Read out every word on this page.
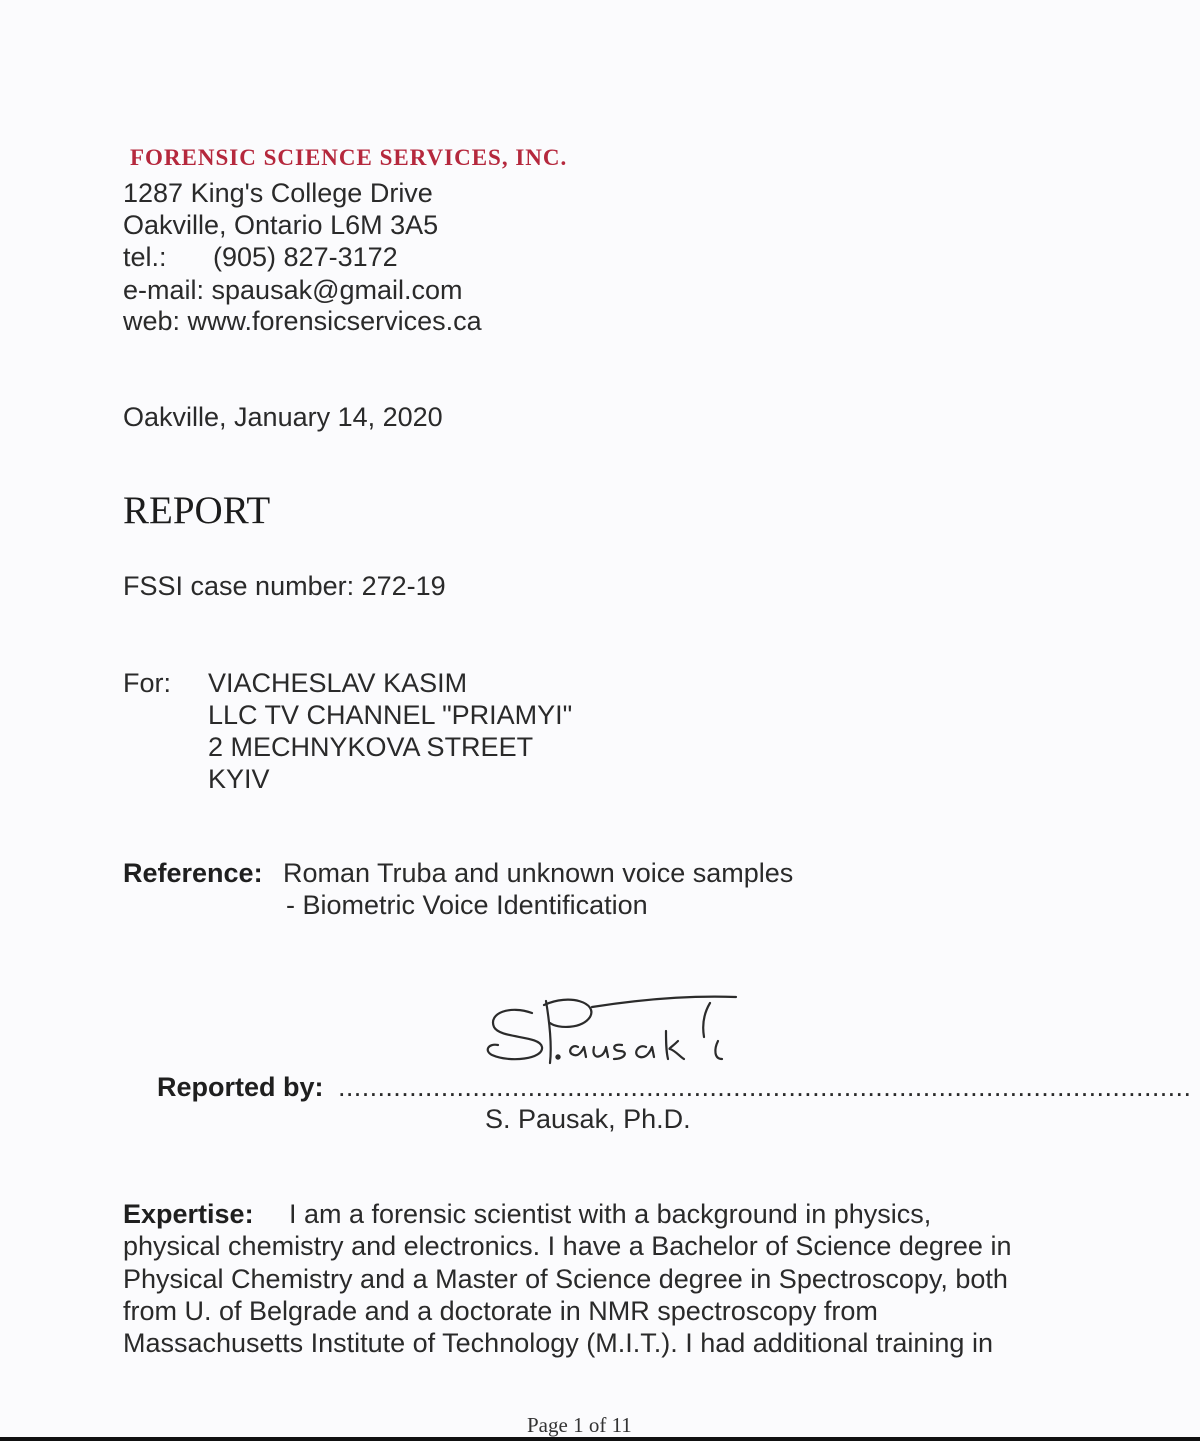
FORENSIC SCIENCE SERVICES, INC.
1287 King's College Drive
Oakville, Ontario L6M 3A5
tel.: (905) 827-3172
e-mail: spausak@gmail.com
web: www.forensicservices.ca
Oakville, January 14, 2020
REPORT
FSSI case number: 272-19
For: VIACHESLAV KASIM
LLC TV CHANNEL "PRIAMYI"
2 MECHNYKOVA STREET
KYIV
Reference: Roman Truba and unknown voice samples
- Biometric Voice Identification
Reported by: ............................................................................................................
S. Pausak, Ph.D.
Expertise: I am a forensic scientist with a background in physics,
physical chemistry and electronics. I have a Bachelor of Science degree in
Physical Chemistry and a Master of Science degree in Spectroscopy, both
from U. of Belgrade and a doctorate in NMR spectroscopy from
Massachusetts Institute of Technology (M.I.T.). I had additional training in
Page 1 of 11
